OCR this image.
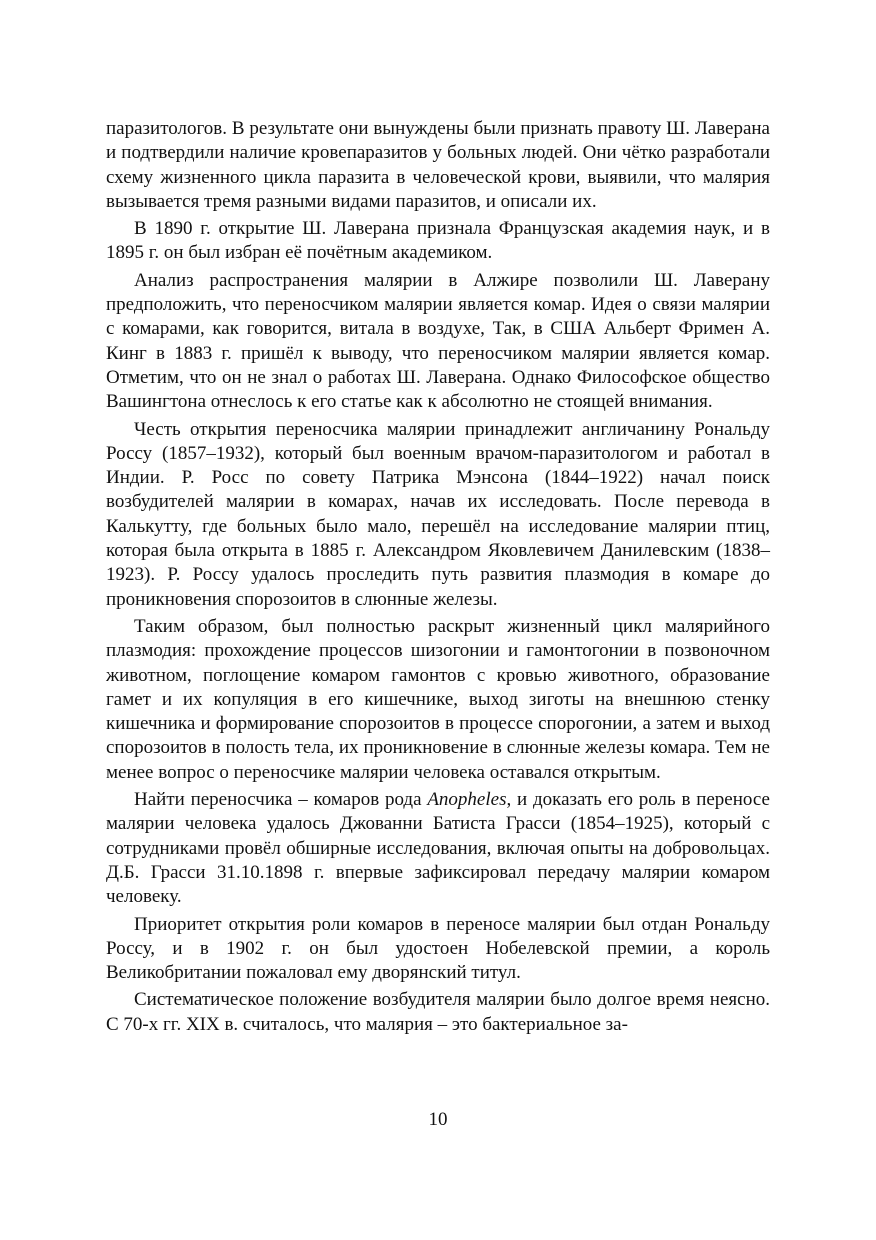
паразитологов. В результате они вынуждены были признать правоту Ш. Лаверана и подтвердили наличие кровепаразитов у больных людей. Они чётко разработали схему жизненного цикла паразита в человеческой крови, выявили, что малярия вызывается тремя разными видами паразитов, и описали их.

В 1890 г. открытие Ш. Лаверана признала Французская академия наук, и в 1895 г. он был избран её почётным академиком.

Анализ распространения малярии в Алжире позволили Ш. Лаверану предположить, что переносчиком малярии является комар. Идея о связи малярии с комарами, как говорится, витала в воздухе, Так, в США Альберт Фримен А. Кинг в 1883 г. пришёл к выводу, что переносчиком малярии является комар. Отметим, что он не знал о работах Ш. Лаверана. Однако Философское общество Вашингтона отнеслось к его статье как к абсолютно не стоящей внимания.

Честь открытия переносчика малярии принадлежит англичанину Рональду Россу (1857–1932), который был военным врачом-паразитологом и работал в Индии. Р. Росс по совету Патрика Мэнсона (1844–1922) начал поиск возбудителей малярии в комарах, начав их исследовать. После перевода в Калькутту, где больных было мало, перешёл на исследование малярии птиц, которая была открыта в 1885 г. Александром Яковлевичем Данилевским (1838–1923). Р. Россу удалось проследить путь развития плазмодия в комаре до проникновения спорозоитов в слюнные железы.

Таким образом, был полностью раскрыт жизненный цикл малярийного плазмодия: прохождение процессов шизогонии и гамонтогонии в позвоночном животном, поглощение комаром гамонтов с кровью животного, образование гамет и их копуляция в его кишечнике, выход зиготы на внешнюю стенку кишечника и формирование спорозоитов в процессе спорогонии, а затем и выход спорозоитов в полость тела, их проникновение в слюнные железы комара. Тем не менее вопрос о переносчике малярии человека оставался открытым.

Найти переносчика – комаров рода Anopheles, и доказать его роль в переносе малярии человека удалось Джованни Батиста Грасси (1854–1925), который с сотрудниками провёл обширные исследования, включая опыты на добровольцах. Д.Б. Грасси 31.10.1898 г. впервые зафиксировал передачу малярии комаром человеку.

Приоритет открытия роли комаров в переносе малярии был отдан Рональду Россу, и в 1902 г. он был удостоен Нобелевской премии, а король Великобритании пожаловал ему дворянский титул.

Систематическое положение возбудителя малярии было долгое время неясно. С 70-х гг. XIX в. считалось, что малярия – это бактериальное за-

10
